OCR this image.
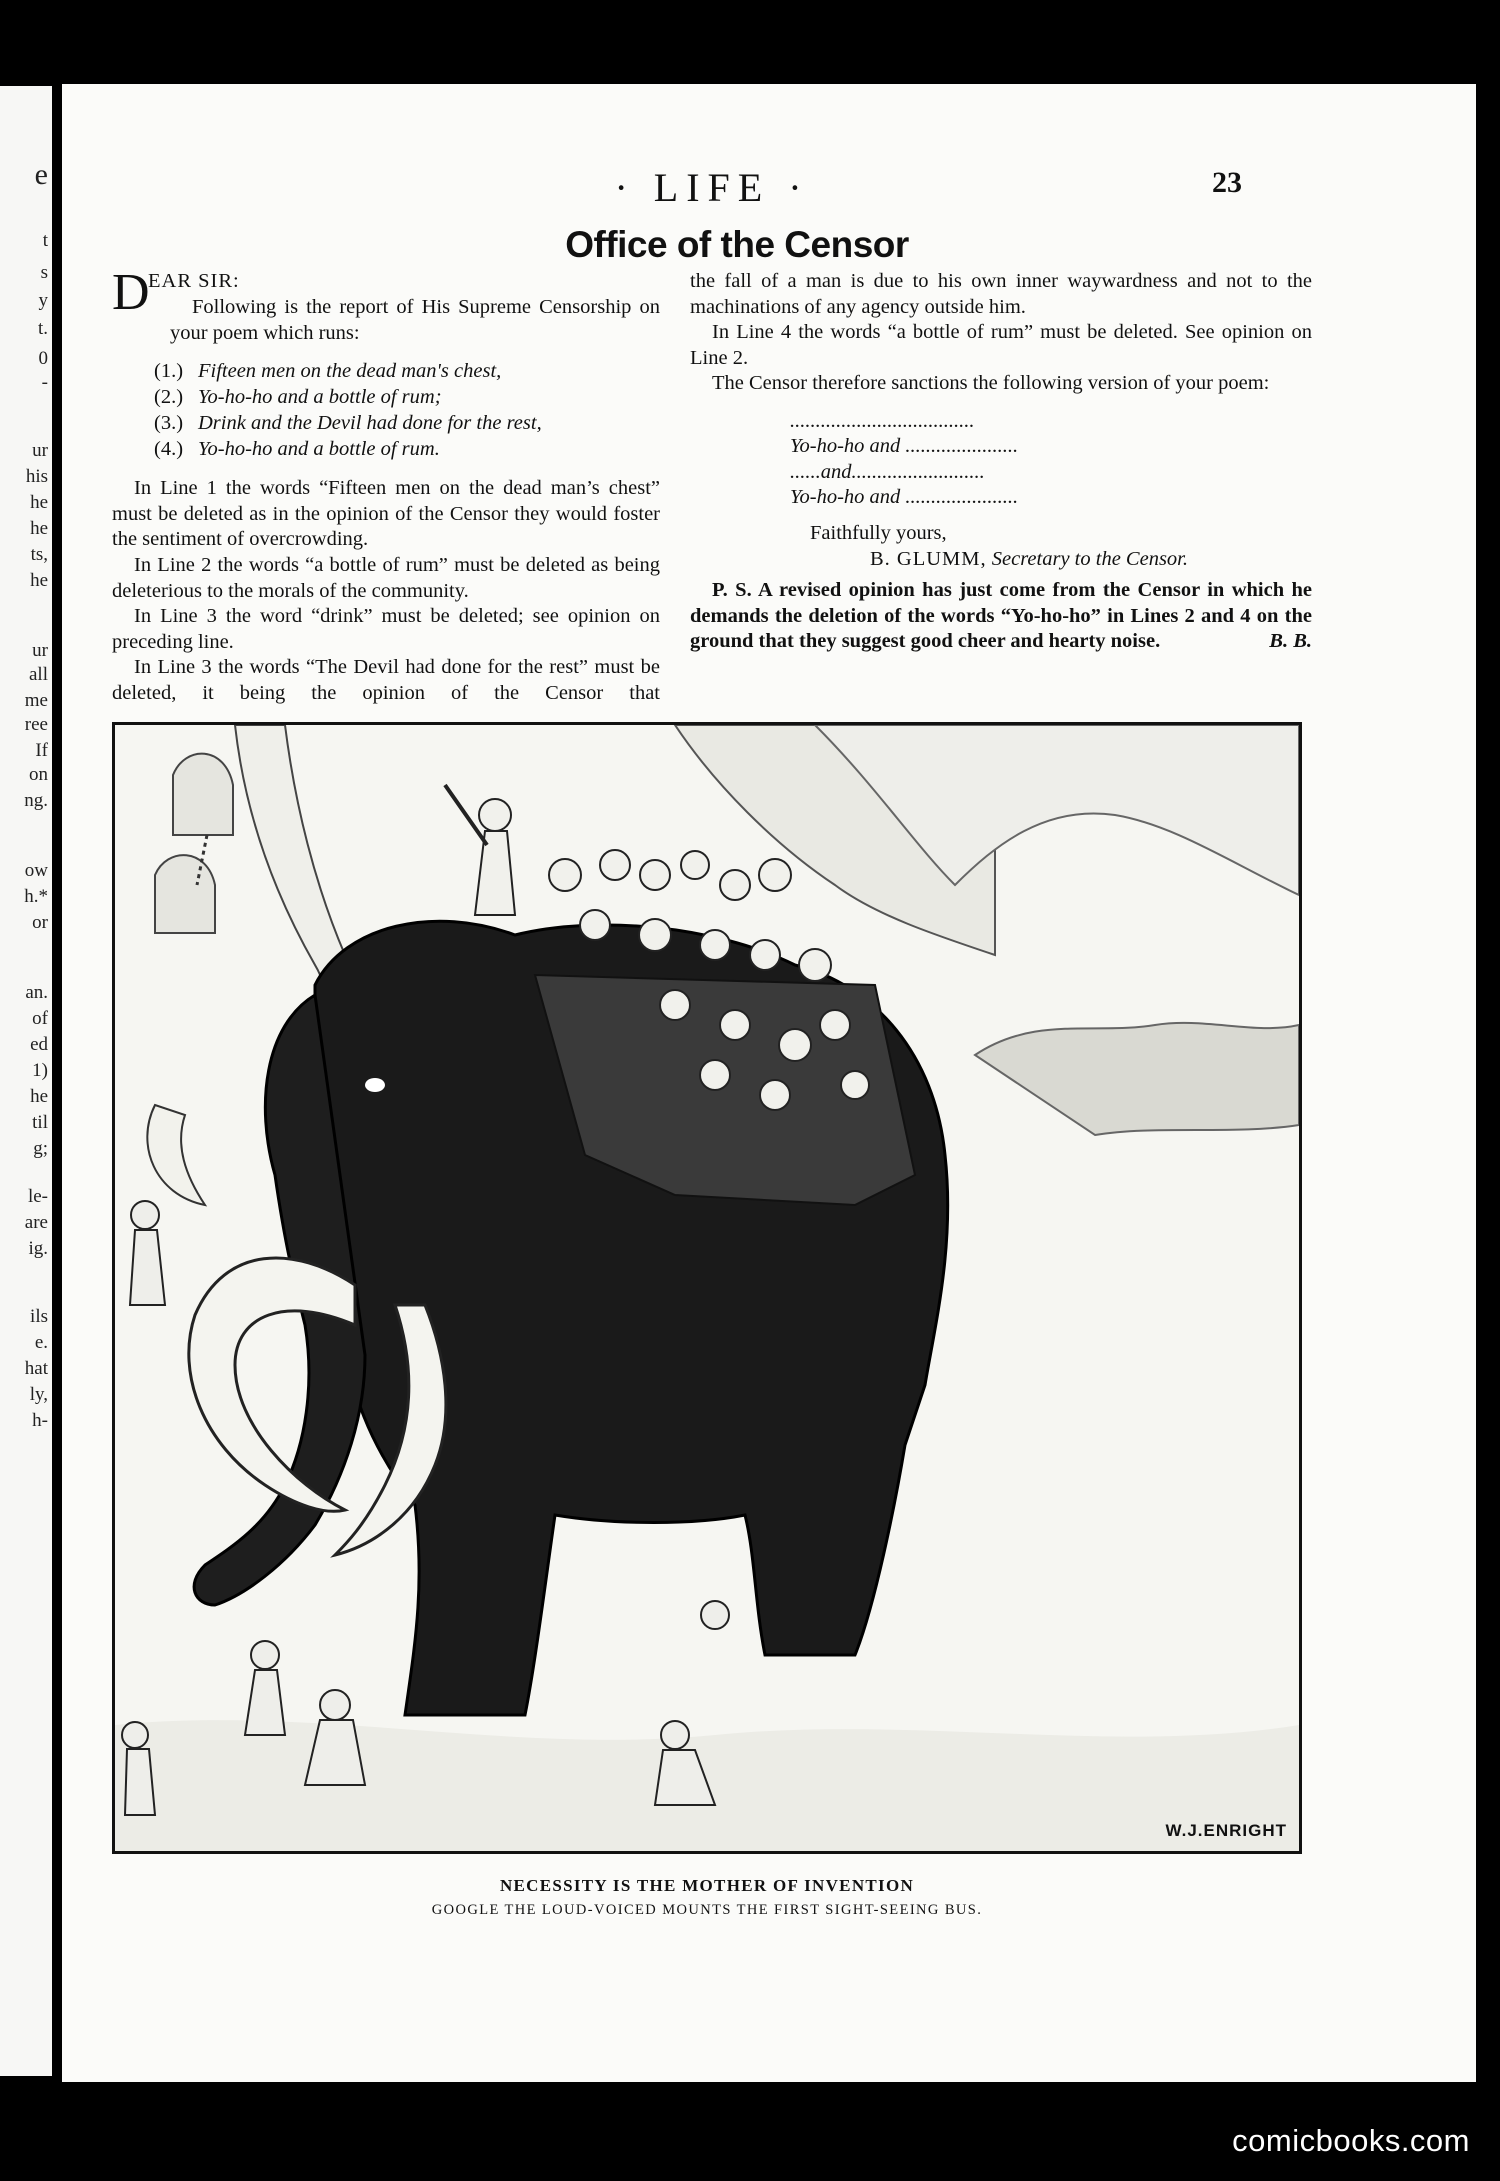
e
t
s
y
t.
0
-
ur
his
he
he
ts,
he
ur
all
me
ree
If
on
ng.
ow
h.*
or
an.
of
ed
1)
he
til
g;
le-
are
ig.
ils
e.
hat
ly,
h-
· LIFE ·	23
Office of the Censor
D
EAR SIR:

Following is the report of His Supreme Censorship on your poem which runs:

(1.) Fifteen men on the dead man's chest,
(2.) Yo-ho-ho and a bottle of rum;
(3.) Drink and the Devil had done for the rest,
(4.) Yo-ho-ho and a bottle of rum.

In Line 1 the words “Fifteen men on the dead man’s chest” must be deleted as in the opinion of the Censor they would foster the sentiment of overcrowding.

In Line 2 the words “a bottle of rum” must be deleted as being deleterious to the morals of the community.

In Line 3 the word “drink” must be deleted; see opinion on preceding line.

In Line 3 the words “The Devil had done for the rest” must be deleted, it being the opinion of the Censor that

the fall of a man is due to his own inner waywardness and not to the machinations of any agency outside him.

In Line 4 the words “a bottle of rum” must be deleted. See opinion on Line 2.

The Censor therefore sanctions the following version of your poem:

....................................
Yo-ho-ho and ......................
......and..........................
Yo-ho-ho and ......................
Faithfully yours,
B. GLUMM, Secretary to the Censor.

P. S. A revised opinion has just come from the Censor in which he demands the deletion of the words “Yo-ho-ho” in Lines 2 and 4 on the ground that they suggest good cheer and hearty noise.	B. B.

W.J.ENRIGHT
NECESSITY IS THE MOTHER OF INVENTION
GOOGLE THE LOUD-VOICED MOUNTS THE FIRST SIGHT-SEEING BUS.
comicbooks.com
